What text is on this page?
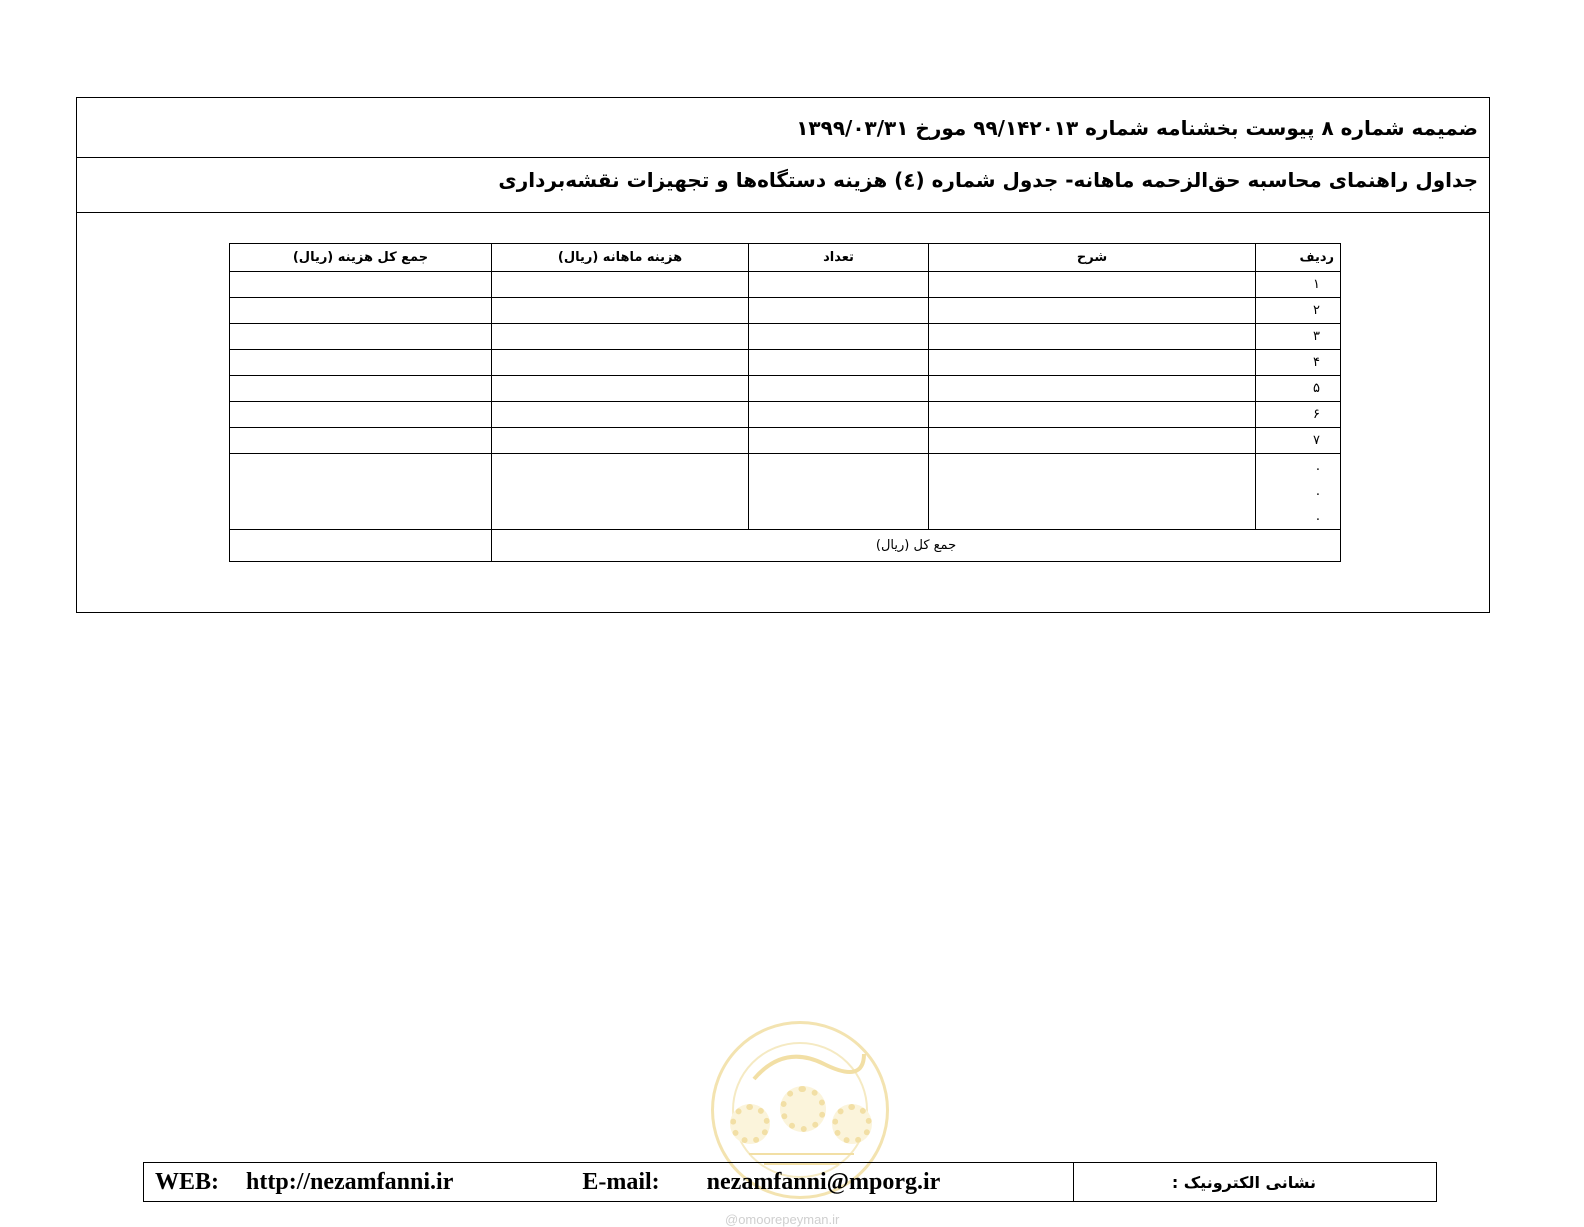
ضمیمه شماره ۸ پیوست بخشنامه شماره ۹۹/۱۴۲۰۱۳ مورخ ۱۳۹۹/۰۳/۳۱
جداول راهنمای محاسبه حق‌الزحمه ماهانه- جدول شماره (٤) هزینه دستگاه‌ها و تجهیزات نقشه‌برداری
ردیف	شرح	تعداد	هزینه ماهانه (ریال)	جمع کل هزینه (ریال)
۱				
۲				
۳				
۴				
۵				
۶				
۷				

.
.
.				

جمع کل (ریال)				
WEB: http://nezamfanni.ir	E-mail: nezamfanni@mporg.ir	نشانی الکترونیک :
@omoorepeyman.ir
